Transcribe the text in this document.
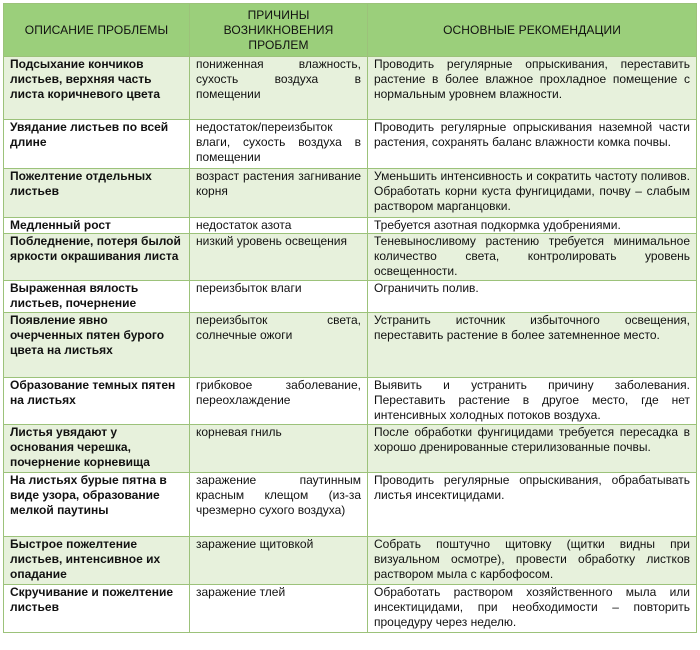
ОПИСАНИЕ ПРОБЛЕМЫ	ПРИЧИНЫ ВОЗНИКНОВЕНИЯ ПРОБЛЕМ	ОСНОВНЫЕ РЕКОМЕНДАЦИИ
Подсыхание кончиков листьев, верхняя часть листа коричневого цвета	пониженная влажность, сухость воздуха в помещении	Проводить регулярные опрыскивания, переставить растение в более влажное прохладное помещение с нормальным уровнем влажности.
Увядание листьев по всей длине	недостаток/переизбыток влаги, сухость воздуха в помещении	Проводить регулярные опрыскивания наземной части растения, сохранять баланс влажности комка почвы.
Пожелтение отдельных листьев	возраст растения загнивание корня	Уменьшить интенсивность и сократить частоту поливов. Обработать корни куста фунгицидами, почву – слабым раствором марганцовки.
Медленный рост	недостаток азота	Требуется азотная подкормка удобрениями.
Побледнение, потеря былой яркости окрашивания листа	низкий уровень освещения	Теневыносливому растению требуется минимальное количество света, контролировать уровень освещенности.
Выраженная вялость листьев, почернение	переизбыток влаги	Ограничить полив.
Появление явно очерченных пятен бурого цвета на листьях	переизбыток света, солнечные ожоги	Устранить источник избыточного освещения, переставить растение в более затемненное место.
Образование темных пятен на листьях	грибковое заболевание, переохлаждение	Выявить и устранить причину заболевания. Переставить растение в другое место, где нет интенсивных холодных потоков воздуха.
Листья увядают у основания черешка, почернение корневища	корневая гниль	После обработки фунгицидами требуется пересадка в хорошо дренированные стерилизованные почвы.
На листьях бурые пятна в виде узора, образование мелкой паутины	заражение паутинным красным клещом (из-за чрезмерно сухого воздуха)	Проводить регулярные опрыскивания, обрабатывать листья инсектицидами.
Быстрое пожелтение листьев, интенсивное их опадание	заражение щитовкой	Собрать поштучно щитовку (щитки видны при визуальном осмотре), провести обработку листков раствором мыла с карбофосом.
Скручивание и пожелтение листьев	заражение тлей	Обработать раствором хозяйственного мыла или инсектицидами, при необходимости – повторить процедуру через неделю.
